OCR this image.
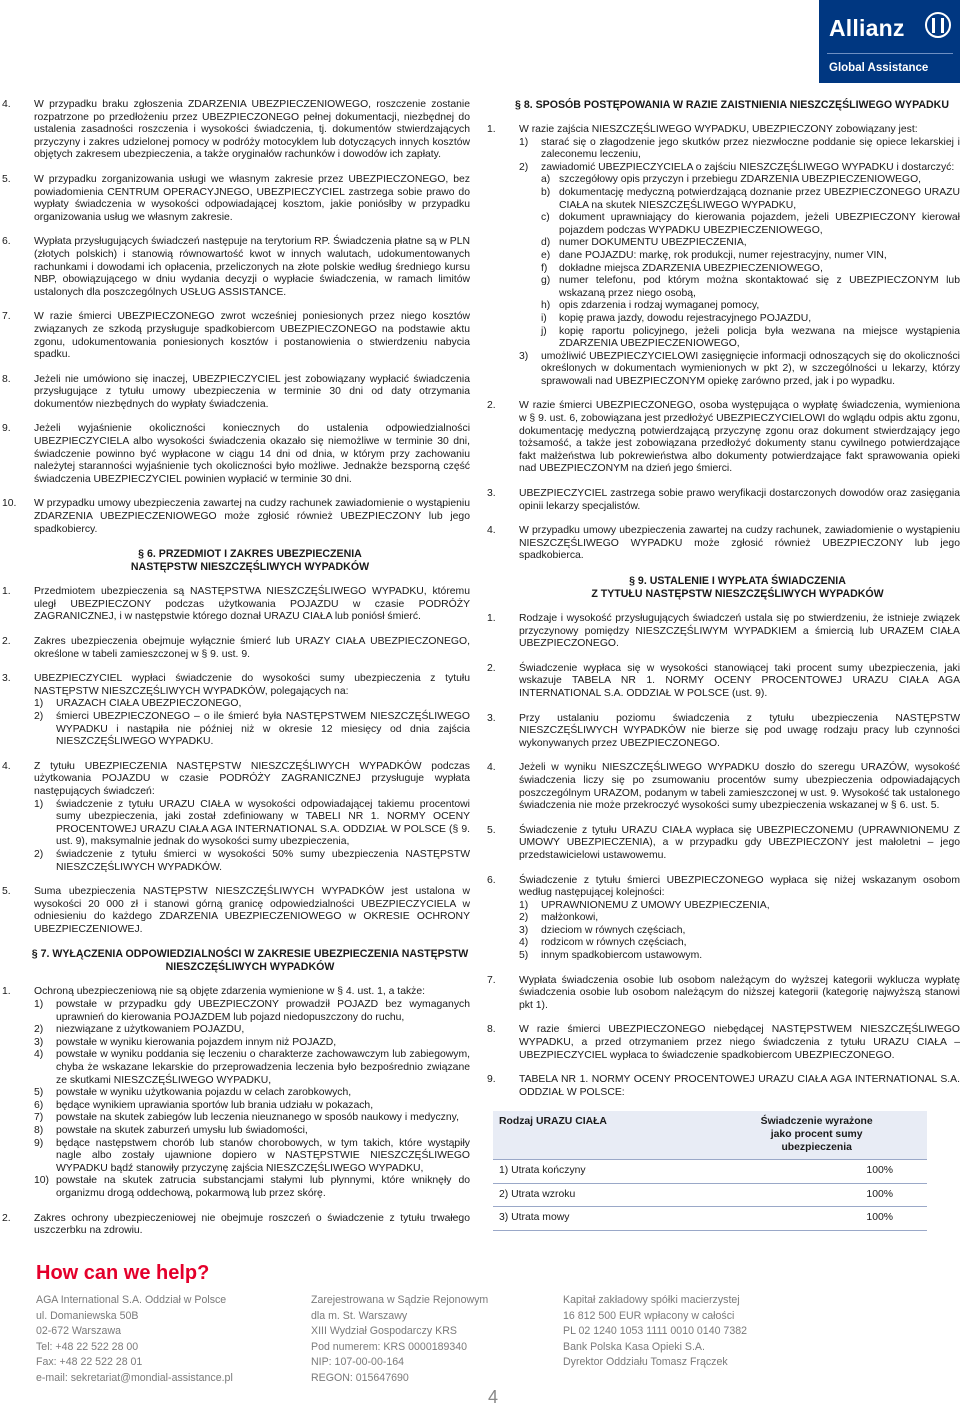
Allianz
Global Assistance
4. W przypadku braku zgłoszenia ZDARZENIA UBEZPIECZENIOWEGO, roszczenie zostanie rozpatrzone po przedłożeniu przez UBEZPIECZONEGO pełnej dokumentacji, niezbędnej do ustalenia zasadności roszczenia i wysokości świadczenia, tj. dokumentów stwierdzających przyczyny i zakres udzielonej pomocy w podróży motocyklem lub dotyczących innych kosztów objętych zakresem ubezpieczenia, a także oryginałów rachunków i dowodów ich zapłaty.

5. W przypadku zorganizowania usługi we własnym zakresie przez UBEZPIECZONEGO, bez powiadomienia CENTRUM OPERACYJNEGO, UBEZPIECZYCIEL zastrzega sobie prawo do wypłaty świadczenia w wysokości odpowiadającej kosztom, jakie poniósłby w przypadku organizowania usług we własnym zakresie.

6. Wypłata przysługujących świadczeń następuje na terytorium RP. Świadczenia płatne są w PLN (złotych polskich) i stanowią równowartość kwot w innych walutach, udokumentowanych rachunkami i dowodami ich opłacenia, przeliczonych na złote polskie według średniego kursu NBP, obowiązującego w dniu wydania decyzji o wypłacie świadczenia, w ramach limitów ustalonych dla poszczególnych USŁUG ASSISTANCE.

7. W razie śmierci UBEZPIECZONEGO zwrot wcześniej poniesionych przez niego kosztów związanych ze szkodą przysługuje spadkobiercom UBEZPIECZONEGO na podstawie aktu zgonu, udokumentowania poniesionych kosztów i postanowienia o stwierdzeniu nabycia spadku.

8. Jeżeli nie umówiono się inaczej, UBEZPIECZYCIEL jest zobowiązany wypłacić świadczenia przysługujące z tytułu umowy ubezpieczenia w terminie 30 dni od daty otrzymania dokumentów niezbędnych do wypłaty świadczenia.

9. Jeżeli wyjaśnienie okoliczności koniecznych do ustalenia odpowiedzialności UBEZPIECZYCIELA albo wysokości świadczenia okazało się niemożliwe w terminie 30 dni, świadczenie powinno być wypłacone w ciągu 14 dni od dnia, w którym przy zachowaniu należytej staranności wyjaśnienie tych okoliczności było możliwe. Jednakże bezsporną część świadczenia UBEZPIECZYCIEL powinien wypłacić w terminie 30 dni.

10. W przypadku umowy ubezpieczenia zawartej na cudzy rachunek zawiadomienie o wystąpieniu ZDARZENIA UBEZPIECZENIOWEGO może zgłosić również UBEZPIECZONY lub jego spadkobiercy.

§ 6. PRZEDMIOT I ZAKRES UBEZPIECZENIA
NASTĘPSTW NIESZCZĘŚLIWYCH WYPADKÓW
1. Przedmiotem ubezpieczenia są NASTĘPSTWA NIESZCZĘŚLIWEGO WYPADKU, któremu uległ UBEZPIECZONY podczas użytkowania POJAZDU w czasie PODRÓŻY ZAGRANICZNEJ, i w następstwie którego doznał URAZU CIAŁA lub poniósł śmierć.

2. Zakres ubezpieczenia obejmuje wyłącznie śmierć lub URAZY CIAŁA UBEZPIECZONEGO, określone w tabeli zamieszczonej w § 9. ust. 9.

3. UBEZPIECZYCIEL wypłaci świadczenie do wysokości sumy ubezpieczenia z tytułu NASTĘPSTW NIESZCZĘŚLIWYCH WYPADKÓW, polegających na:

1) URAZACH CIAŁA UBEZPIECZONEGO,
2) śmierci UBEZPIECZONEGO – o ile śmierć była NASTĘPSTWEM NIESZCZĘŚLIWEGO WYPADKU i nastąpiła nie później niż w okresie 12 miesięcy od dnia zajścia NIESZCZĘŚLIWEGO WYPADKU.
4. Z tytułu UBEZPIECZENIA NASTĘPSTW NIESZCZĘŚLIWYCH WYPADKÓW podczas użytkowania POJAZDU w czasie PODRÓŻY ZAGRANICZNEJ przysługuje wypłata następujących świadczeń:

1) świadczenie z tytułu URAZU CIAŁA w wysokości odpowiadającej takiemu procentowi sumy ubezpieczenia, jaki został zdefiniowany w TABELI NR 1. NORMY OCENY PROCENTOWEJ URAZU CIAŁA AGA INTERNATIONAL S.A. ODDZIAŁ W POLSCE (§ 9. ust. 9), maksymalnie jednak do wysokości sumy ubezpieczenia,
2) świadczenie z tytułu śmierci w wysokości 50% sumy ubezpieczenia NASTĘPSTW NIESZCZĘŚLIWYCH WYPADKÓW.
5. Suma ubezpieczenia NASTĘPSTW NIESZCZĘŚLIWYCH WYPADKÓW jest ustalona w wysokości 20 000 zł i stanowi górną granicę odpowiedzialności UBEZPIECZYCIELA w odniesieniu do każdego ZDARZENIA UBEZPIECZENIOWEGO w OKRESIE OCHRONY UBEZPIECZENIOWEJ.

§ 7. WYŁĄCZENIA ODPOWIEDZIALNOŚCI W ZAKRESIE UBEZPIECZENIA NASTĘPSTW
NIESZCZĘŚLIWYCH WYPADKÓW
1. Ochroną ubezpieczeniową nie są objęte zdarzenia wymienione w § 4. ust. 1, a także:

1) powstałe w przypadku gdy UBEZPIECZONY prowadził POJAZD bez wymaganych uprawnień do kierowania POJAZDEM lub pojazd niedopuszczony do ruchu,
2) niezwiązane z użytkowaniem POJAZDU,
3) powstałe w wyniku kierowania pojazdem innym niż POJAZD,
4) powstałe w wyniku poddania się leczeniu o charakterze zachowawczym lub zabiegowym, chyba że wskazane lekarskie do przeprowadzenia leczenia było bezpośrednio związane ze skutkami NIESZCZĘŚLIWEGO WYPADKU,
5) powstałe w wyniku użytkowania pojazdu w celach zarobkowych,
6) będące wynikiem uprawiania sportów lub brania udziału w pokazach,
7) powstałe na skutek zabiegów lub leczenia nieuznanego w sposób naukowy i medyczny,
8) powstałe na skutek zaburzeń umysłu lub świadomości,
9) będące następstwem chorób lub stanów chorobowych, w tym takich, które wystąpiły nagle albo zostały ujawnione dopiero w NASTĘPSTWIE NIESZCZĘŚLIWEGO WYPADKU bądź stanowiły przyczynę zajścia NIESZCZĘŚLIWEGO WYPADKU,
10) powstałe na skutek zatrucia substancjami stałymi lub płynnymi, które wniknęły do organizmu drogą oddechową, pokarmową lub przez skórę.
2. Zakres ochrony ubezpieczeniowej nie obejmuje roszczeń o świadczenie z tytułu trwałego uszczerbku na zdrowiu.

§ 8. SPOSÓB POSTĘPOWANIA W RAZIE ZAISTNIENIA NIESZCZĘŚLIWEGO WYPADKU
1. W razie zajścia NIESZCZĘŚLIWEGO WYPADKU, UBEZPIECZONY zobowiązany jest:

1) starać się o złagodzenie jego skutków przez niezwłoczne poddanie się opiece lekarskiej i zaleconemu leczeniu,
2) zawiadomić UBEZPIECZYCIELA o zajściu NIESZCZĘŚLIWEGO WYPADKU i dostarczyć:
a) szczegółowy opis przyczyn i przebiegu ZDARZENIA UBEZPIECZENIOWEGO,
b) dokumentację medyczną potwierdzającą doznanie przez UBEZPIECZONEGO URAZU CIAŁA na skutek NIESZCZĘŚLIWEGO WYPADKU,
c) dokument uprawniający do kierowania pojazdem, jeżeli UBEZPIECZONY kierował pojazdem podczas WYPADKU UBEZPIECZENIOWEGO,
d) numer DOKUMENTU UBEZPIECZENIA,
e) dane POJAZDU: markę, rok produkcji, numer rejestracyjny, numer VIN,
f) dokładne miejsca ZDARZENIA UBEZPIECZENIOWEGO,
g) numer telefonu, pod którym można skontaktować się z UBEZPIECZONYM lub wskazaną przez niego osobą,
h) opis zdarzenia i rodzaj wymaganej pomocy,
i) kopię prawa jazdy, dowodu rejestracyjnego POJAZDU,
j) kopię raportu policyjnego, jeżeli policja była wezwana na miejsce wystąpienia ZDARZENIA UBEZPIECZENIOWEGO,
3) umożliwić UBEZPIECZYCIELOWI zasięgnięcie informacji odnoszących się do okoliczności określonych w dokumentach wymienionych w pkt 2), w szczególności u lekarzy, którzy sprawowali nad UBEZPIECZONYM opiekę zarówno przed, jak i po wypadku.
2. W razie śmierci UBEZPIECZONEGO, osoba występująca o wypłatę świadczenia, wymieniona w § 9. ust. 6, zobowiązana jest przedłożyć UBEZPIECZYCIELOWI do wglądu odpis aktu zgonu, dokumentację medyczną potwierdzającą przyczynę zgonu oraz dokument stwierdzający jego tożsamość, a także jest zobowiązana przedłożyć dokumenty stanu cywilnego potwierdzające fakt małżeństwa lub pokrewieństwa albo dokumenty potwierdzające fakt sprawowania opieki nad UBEZPIECZONYM na dzień jego śmierci.

3. UBEZPIECZYCIEL zastrzega sobie prawo weryfikacji dostarczonych dowodów oraz zasięgania opinii lekarzy specjalistów.

4. W przypadku umowy ubezpieczenia zawartej na cudzy rachunek, zawiadomienie o wystąpieniu NIESZCZĘŚLIWEGO WYPADKU może zgłosić również UBEZPIECZONY lub jego spadkobierca.

§ 9. USTALENIE I WYPŁATA ŚWIADCZENIA
Z TYTUŁU NASTĘPSTW NIESZCZĘŚLIWYCH WYPADKÓW
1. Rodzaje i wysokość przysługujących świadczeń ustala się po stwierdzeniu, że istnieje związek przyczynowy pomiędzy NIESZCZĘŚLIWYM WYPADKIEM a śmiercią lub URAZEM CIAŁA UBEZPIECZONEGO.

2. Świadczenie wypłaca się w wysokości stanowiącej taki procent sumy ubezpieczenia, jaki wskazuje TABELA NR 1. NORMY OCENY PROCENTOWEJ URAZU CIAŁA AGA INTERNATIONAL S.A. ODDZIAŁ W POLSCE (ust. 9).

3. Przy ustalaniu poziomu świadczenia z tytułu ubezpieczenia NASTĘPSTW NIESZCZĘŚLIWYCH WYPADKÓW nie bierze się pod uwagę rodzaju pracy lub czynności wykonywanych przez UBEZPIECZONEGO.

4. Jeżeli w wyniku NIESZCZĘŚLIWEGO WYPADKU doszło do szeregu URAZÓW, wysokość świadczenia liczy się po zsumowaniu procentów sumy ubezpieczenia odpowiadających poszczególnym URAZOM, podanym w tabeli zamieszczonej w ust. 9. Wysokość tak ustalonego świadczenia nie może przekroczyć wysokości sumy ubezpieczenia wskazanej w § 6. ust. 5.

5. Świadczenie z tytułu URAZU CIAŁA wypłaca się UBEZPIECZONEMU (UPRAWNIONEMU Z UMOWY UBEZPIECZENIA), a w przypadku gdy UBEZPIECZONY jest małoletni – jego przedstawicielowi ustawowemu.

6. Świadczenie z tytułu śmierci UBEZPIECZONEGO wypłaca się niżej wskazanym osobom według następującej kolejności:

1) UPRAWNIONEMU Z UMOWY UBEZPIECZENIA,
2) małżonkowi,
3) dzieciom w równych częściach,
4) rodzicom w równych częściach,
5) innym spadkobiercom ustawowym.
7. Wypłata świadczenia osobie lub osobom należącym do wyższej kategorii wyklucza wypłatę świadczenia osobie lub osobom należącym do niższej kategorii (kategorię najwyższą stanowi pkt 1).

8. W razie śmierci UBEZPIECZONEGO niebędącej NASTĘPSTWEM NIESZCZĘŚLIWEGO WYPADKU, a przed otrzymaniem przez niego świadczenia z tytułu URAZU CIAŁA – UBEZPIECZYCIEL wypłaca to świadczenie spadkobiercom UBEZPIECZONEGO.

9. TABELA NR 1. NORMY OCENY PROCENTOWEJ URAZU CIAŁA AGA INTERNATIONAL S.A. ODDZIAŁ W POLSCE:

Rodzaj URAZU CIAŁA	Świadczenie wyrażone
jako procent sumy
ubezpieczenia

1) Utrata kończyny	100%
2) Utrata wzroku	100%
3) Utrata mowy	100%
How can we help?
AGA International S.A. Oddział w Polsce
ul. Domaniewska 50B
02-672 Warszawa
Tel: +48 22 522 28 00
Fax: +48 22 522 28 01
e-mail: sekretariat@mondial-assistance.pl
Zarejestrowana w Sądzie Rejonowym
dla m. St. Warszawy
XIII Wydział Gospodarczy KRS
Pod numerem: KRS 0000189340
NIP: 107-00-00-164
REGON: 015647690
Kapitał zakładowy spółki macierzystej
16 812 500 EUR wpłacony w całości
PL 02 1240 1053 1111 0010 0140 7382
Bank Polska Kasa Opieki S.A.
Dyrektor Oddziału Tomasz Frączek
4
